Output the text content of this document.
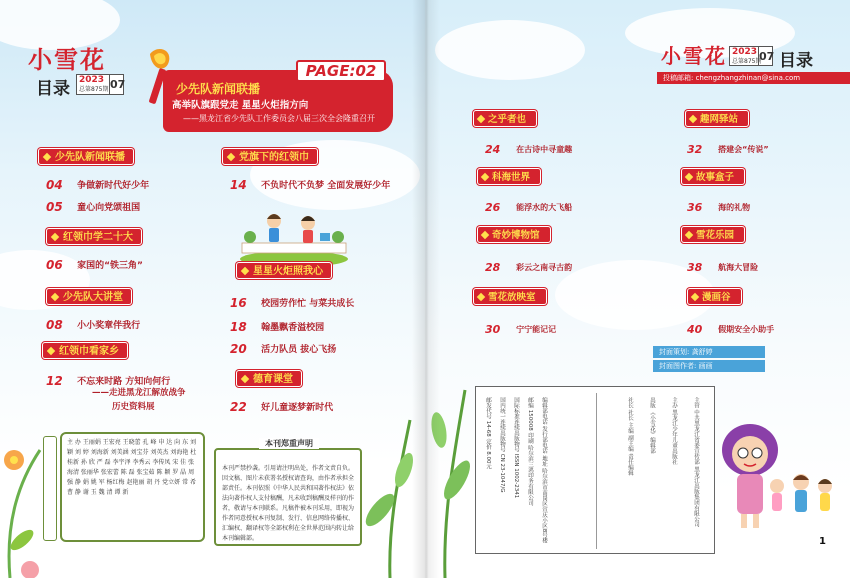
小雪花
目录 2023
总第875期 07	少先队新闻联播
PAGE:02
高举队旗跟党走 星星火炬指方向
——黑龙江省少先队工作委员会八届三次全会隆重召开
少先队新闻联播
04 争做新时代好少年
05 童心向党颂祖国
红领巾学二十大
06 家国的“铁三角”
少先队大讲堂
08 小小奖章伴我行
红领巾看家乡
12 不忘来时路 方知向何行
——走进黑龙江解放战争
历史资料展
党旗下的红领巾
14 不负时代不负梦 全面发展好少年
星星火炬照我心
16 校园劳作忙 与菜共成长
18 翰墨飘香溢校园
20 活力队员 拔心飞扬
德育课堂
22 好儿童逐梦新时代
主 办 王丽娟 王宏亮 王晓蕾 孔 峰 申 达 向 东 刘颖 刘 婷 刘海新 刘美涵 刘宝芬 刘英杰 刘海艳 杜桂新 孙 欣 严 磊 李宇泽 李秀云 李传凤 宋 佳 张海清 张丽华 张宏蕾 陈 磊 张宝茹 陈 颖 罗 晶 周 强 静 娟 姚 军 杨红梅 赵艳丽 胡 丹 党立妍 常 希 曹 静 谢 玉 魏 清 谭 新
本刊严禁抄袭。引用请注明出处，作者文责自负。因文稿、图片未获署名授权请查询，由作者承担全部责任。本刊依照《中华人民共和国著作权法》依法向著作权人支付稿酬，凡未收到稿酬及样刊的作者，敬请与本刊联系。凡稿件被本刊采用，即视为作者同意授权本刊复制、发行、信息网络传播权、汇编权、翻译权等全部权利在全世界范围内转让给本刊编辑部。
本刊郑重声明
小雪花 2023
总第875期
07 目录
投稿邮箱: chengzhangzhinan@sina.com
之乎者也
24 在古诗中寻童趣
科海世界
26 能浮水的大飞船
奇妙博物馆
28 彩云之南寻古韵
雪花放映室
30 宁宁能记记
趣网驿站
32 搭建会“传说”
故事盒子
36 海的礼物
雪花乐园
38 航海大冒险
漫画谷
40 假期安全小助手
封面策划: 龚舒婷
封面图作者: 画画
邮发代号 14-68 定价 8.00元 国内统一连续出版物号 CN 23-1047/G 国际标准连续出版物号 ISSN 1002-2341 邮编 150008 印刷 哈尔滨三鸿印务有限公司 编辑部电话 发行部电话 地址 哈尔滨市南岗区宣庆小区8号楼	社长 社长 主编 副主编 责任编辑	出版 《小雪花》编辑部	主办 黑龙江少年儿童出版社	主管 中共黑龙江省委宣传部 黑龙江出版集团有限公司
1
